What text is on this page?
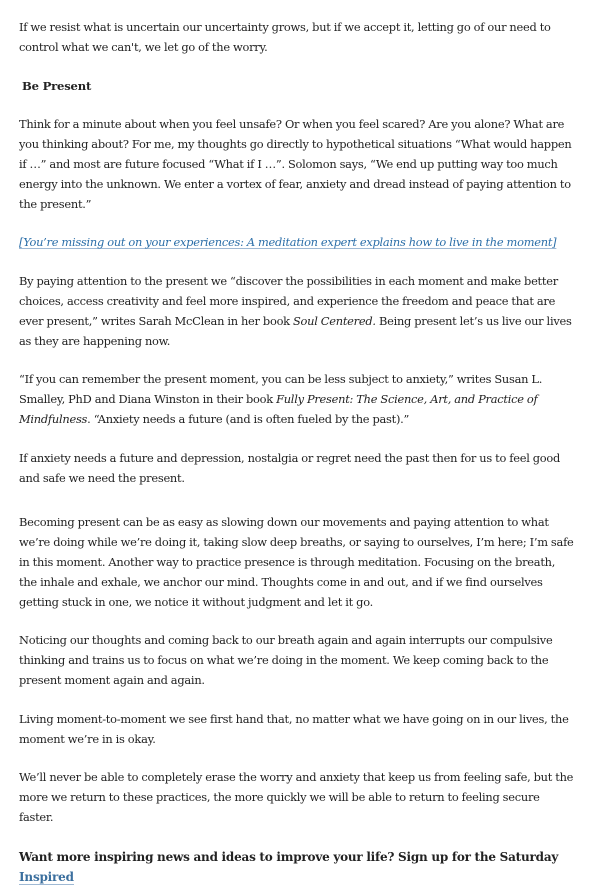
If we resist what is uncertain our uncertainty grows, but if we accept it, letting go of our need to control what we can't, we let go of the worry.

Be Present

Think for a minute about when you feel unsafe? Or when you feel scared? Are you alone? What are you thinking about? For me, my thoughts go directly to hypothetical situations “What would happen if …” and most are future focused “What if I …”. Solomon says, “We end up putting way too much energy into the unknown. We enter a vortex of fear, anxiety and dread instead of paying attention to the present.”

[You’re missing out on your experiences: A meditation expert explains how to live in the moment]

By paying attention to the present we “discover the possibilities in each moment and make better choices, access creativity and feel more inspired, and experience the freedom and peace that are ever present,” writes Sarah McClean in her book Soul Centered. Being present let’s us live our lives as they are happening now.

“If you can remember the present moment, you can be less subject to anxiety,” writes Susan L. Smalley, PhD and Diana Winston in their book Fully Present: The Science, Art, and Practice of Mindfulness. “Anxiety needs a future (and is often fueled by the past).”

If anxiety needs a future and depression, nostalgia or regret need the past then for us to feel good and safe we need the present.

Becoming present can be as easy as slowing down our movements and paying attention to what we’re doing while we’re doing it, taking slow deep breaths, or saying to ourselves, I’m here; I’m safe in this moment. Another way to practice presence is through meditation. Focusing on the breath, the inhale and exhale, we anchor our mind. Thoughts come in and out, and if we find ourselves getting stuck in one, we notice it without judgment and let it go.

Noticing our thoughts and coming back to our breath again and again interrupts our compulsive thinking and trains us to focus on what we’re doing in the moment. We keep coming back to the present moment again and again.

Living moment-to-moment we see first hand that, no matter what we have going on in our lives, the moment we’re in is okay.

We’ll never be able to completely erase the worry and anxiety that keep us from feeling safe, but the more we return to these practices, the more quickly we will be able to return to feeling secure faster.

Want more inspiring news and ideas to improve your life? Sign up for the Saturday Inspired
